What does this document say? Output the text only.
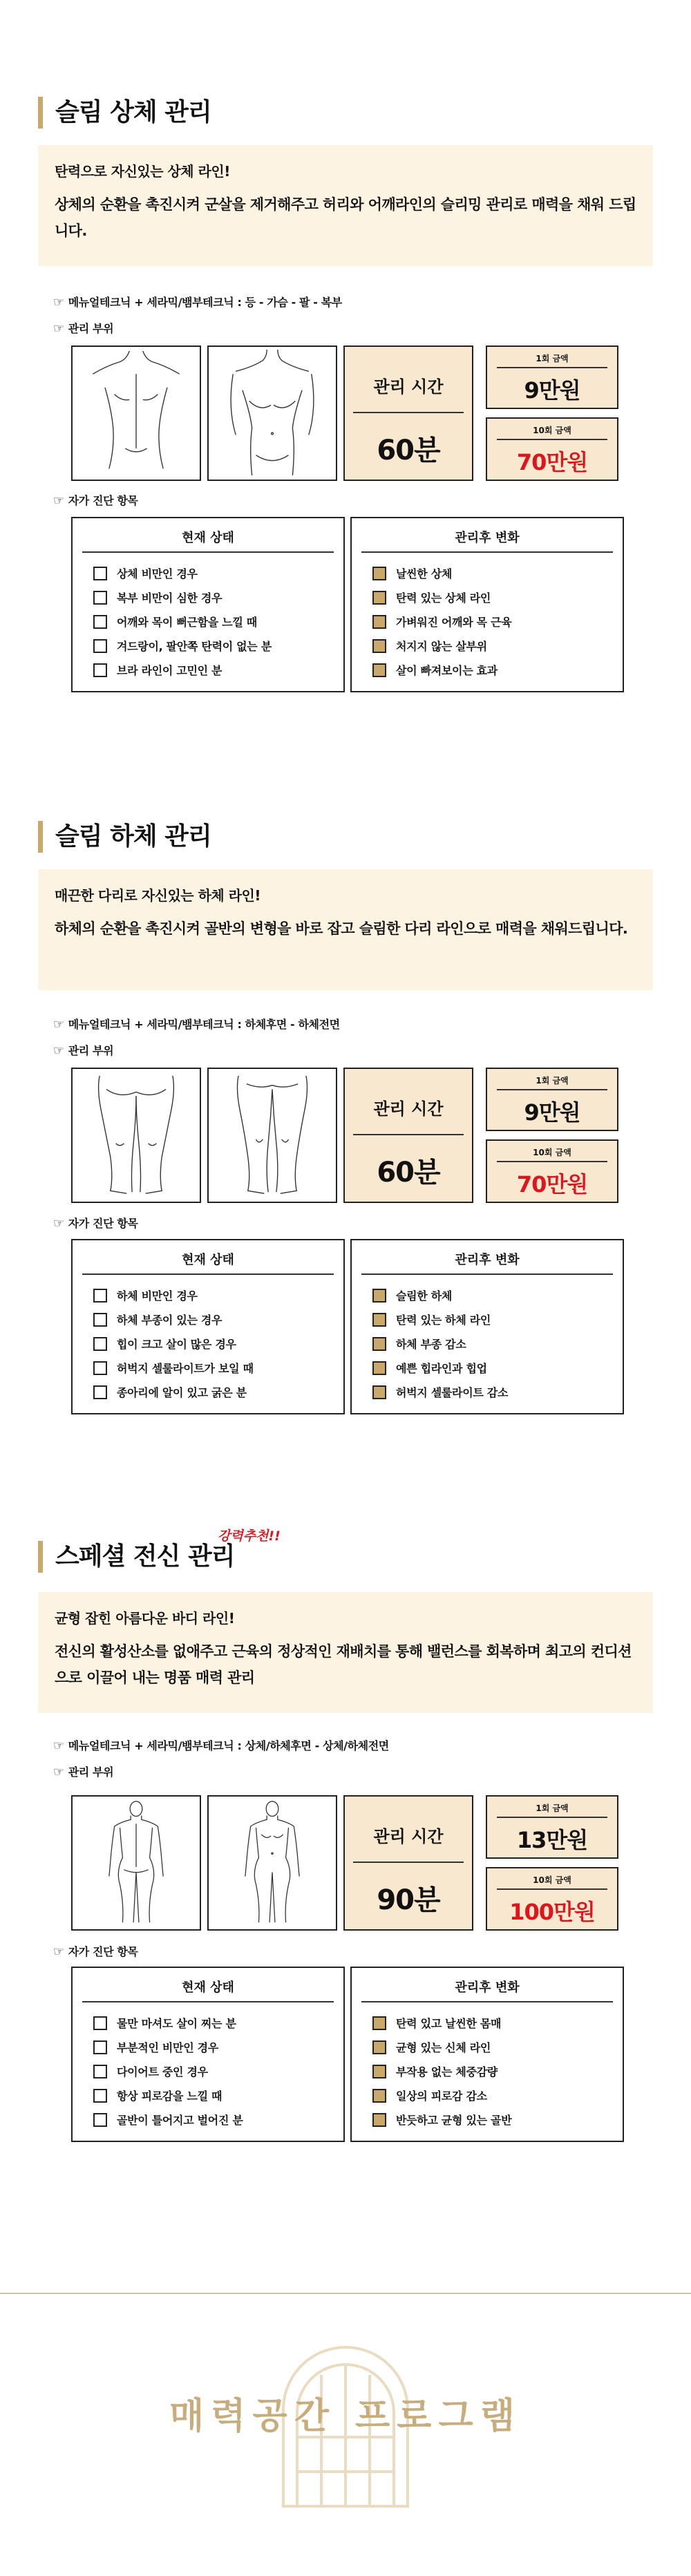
슬림 상체 관리
탄력으로 자신있는 상체 라인!
상체의 순환을 촉진시켜 군살을 제거해주고 허리와 어깨라인의 슬리밍 관리로 매력을 채워 드립니다.
☞ 메뉴얼테크닉 + 세라믹/뱀부테크닉 : 등 - 가슴 - 팔 - 복부
☞ 관리 부위
관리 시간
60분
1회 금액
9만원
10회 금액
70만원
☞ 자가 진단 항목
현재 상태
상체 비만인 경우
복부 비만이 심한 경우
어깨와 목이 뻐근함을 느낄 때
겨드랑이, 팔안쪽 탄력이 없는 분
브라 라인이 고민인 분
관리후 변화
날씬한 상체
탄력 있는 상체 라인
가벼워진 어깨와 목 근육
처지지 않는 살부위
살이 빠져보이는 효과
슬림 하체 관리
매끈한 다리로 자신있는 하체 라인!
하체의 순환을 촉진시켜 골반의 변형을 바로 잡고 슬림한 다리 라인으로 매력을 채워드립니다.
☞ 메뉴얼테크닉 + 세라믹/뱀부테크닉 : 하체후면 - 하체전면
☞ 관리 부위
관리 시간
60분
1회 금액
9만원
10회 금액
70만원
☞ 자가 진단 항목
현재 상태
하체 비만인 경우
하체 부종이 있는 경우
힙이 크고 살이 많은 경우
허벅지 셀룰라이트가 보일 때
종아리에 알이 있고 굵은 분
관리후 변화
슬림한 하체
탄력 있는 하체 라인
하체 부종 감소
예쁜 힙라인과 힙업
허벅지 셀룰라이트 감소
스페셜 전신 관리
강력추천!!
균형 잡힌 아름다운 바디 라인!
전신의 활성산소를 없애주고 근육의 정상적인 재배치를 통해 밸런스를 회복하며 최고의 컨디션으로 이끌어 내는 명품 매력 관리
☞ 메뉴얼테크닉 + 세라믹/뱀부테크닉 : 상체/하체후면 - 상체/하체전면
☞ 관리 부위
관리 시간
90분
1회 금액
13만원
10회 금액
100만원
☞ 자가 진단 항목
현재 상태
물만 마셔도 살이 찌는 분
부분적인 비만인 경우
다이어트 중인 경우
항상 피로감을 느낄 때
골반이 틀어지고 벌어진 분
관리후 변화
탄력 있고 날씬한 몸매
균형 있는 신체 라인
부작용 없는 체중감량
일상의 피로감 감소
반듯하고 균형 있는 골반
매력공간 프로그램
